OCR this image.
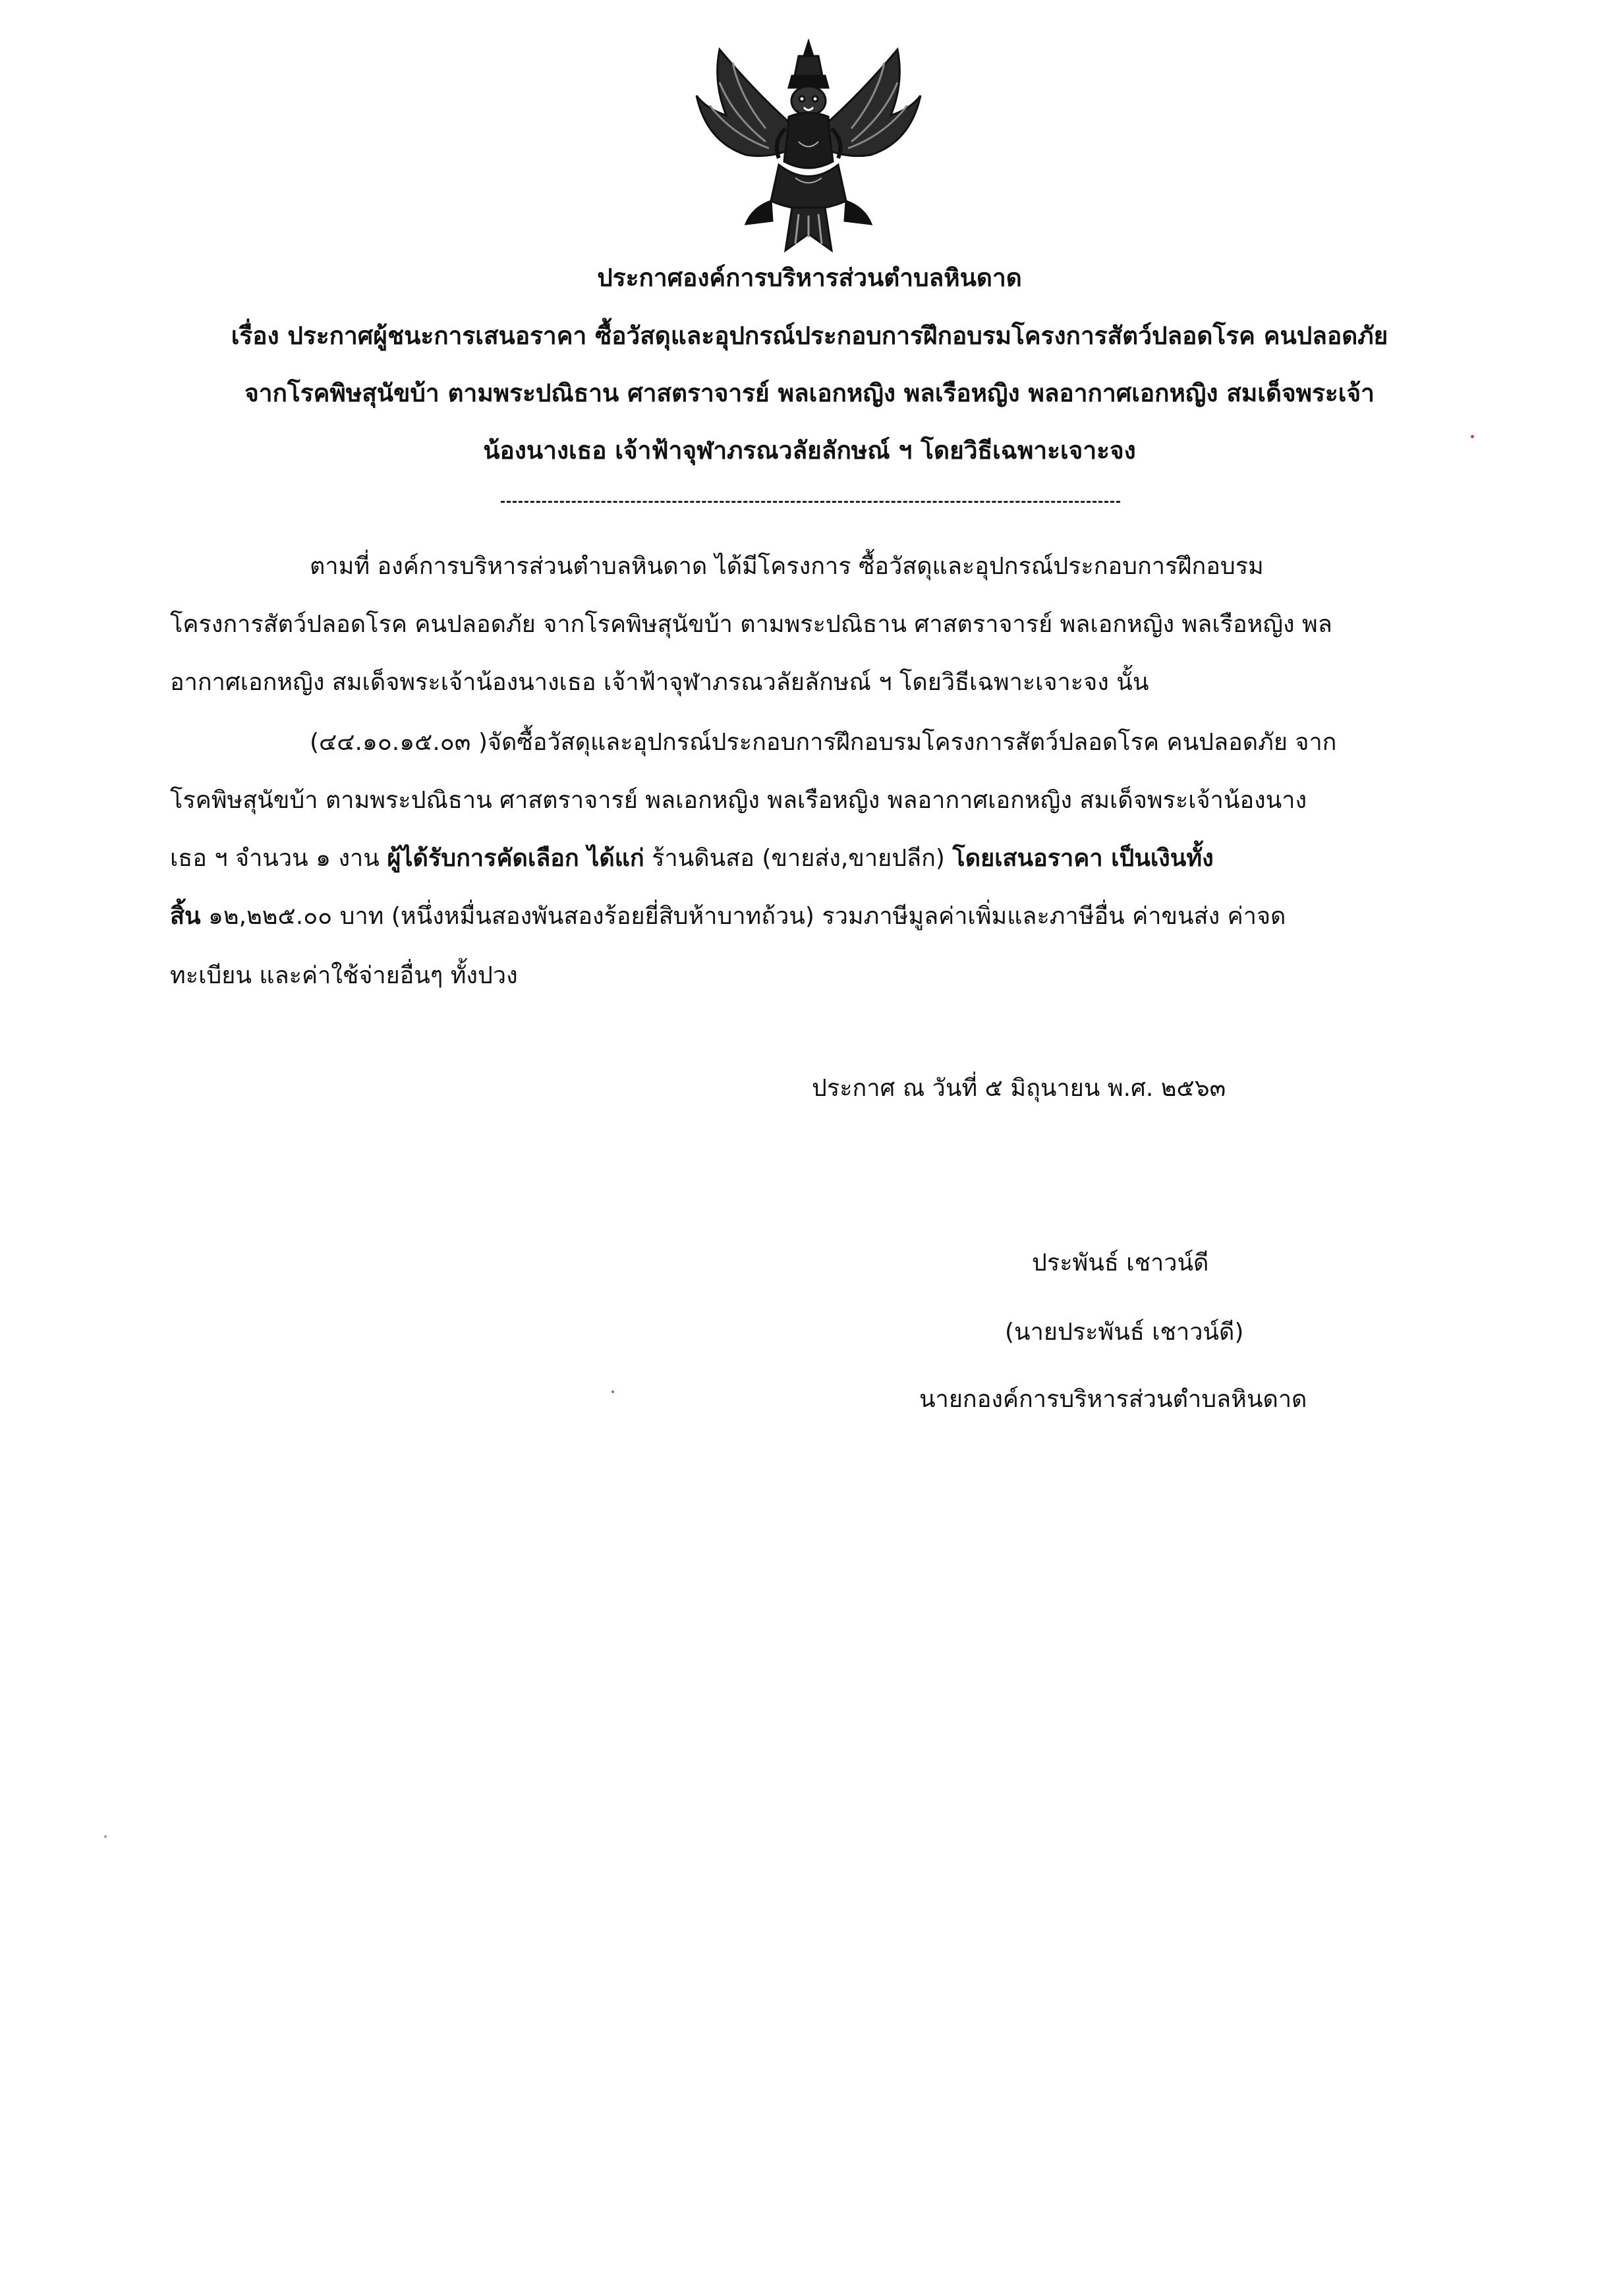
ประกาศองค์การบริหารส่วนตำบลหินดาด
เรื่อง ประกาศผู้ชนะการเสนอราคา ซื้อวัสดุและอุปกรณ์ประกอบการฝึกอบรมโครงการสัตว์ปลอดโรค คนปลอดภัย
จากโรคพิษสุนัขบ้า ตามพระปณิธาน ศาสตราจารย์ พลเอกหญิง พลเรือหญิง พลอากาศเอกหญิง สมเด็จพระเจ้า
น้องนางเธอ เจ้าฟ้าจุฬาภรณวลัยลักษณ์ ฯ โดยวิธีเฉพาะเจาะจง
ตามที่ องค์การบริหารส่วนตำบลหินดาด ได้มีโครงการ ซื้อวัสดุและอุปกรณ์ประกอบการฝึกอบรม
โครงการสัตว์ปลอดโรค คนปลอดภัย จากโรคพิษสุนัขบ้า ตามพระปณิธาน ศาสตราจารย์ พลเอกหญิง พลเรือหญิง พล
อากาศเอกหญิง สมเด็จพระเจ้าน้องนางเธอ เจ้าฟ้าจุฬาภรณวลัยลักษณ์ ฯ โดยวิธีเฉพาะเจาะจง นั้น
(๔๔.๑๐.๑๕.๐๓ )จัดซื้อวัสดุและอุปกรณ์ประกอบการฝึกอบรมโครงการสัตว์ปลอดโรค คนปลอดภัย จาก
โรคพิษสุนัขบ้า ตามพระปณิธาน ศาสตราจารย์ พลเอกหญิง พลเรือหญิง พลอากาศเอกหญิง สมเด็จพระเจ้าน้องนาง
เธอ ฯ จำนวน ๑ งาน ผู้ได้รับการคัดเลือก ได้แก่ ร้านดินสอ (ขายส่ง,ขายปลีก) โดยเสนอราคา เป็นเงินทั้ง
สิ้น ๑๒,๒๒๕.๐๐ บาท (หนึ่งหมื่นสองพันสองร้อยยี่สิบห้าบาทถ้วน) รวมภาษีมูลค่าเพิ่มและภาษีอื่น ค่าขนส่ง ค่าจด
ทะเบียน และค่าใช้จ่ายอื่นๆ ทั้งปวง
ประกาศ ณ วันที่ ๕ มิถุนายน พ.ศ. ๒๕๖๓
ประพันธ์ เชาวน์ดี
(นายประพันธ์ เชาวน์ดี)
นายกองค์การบริหารส่วนตำบลหินดาด
